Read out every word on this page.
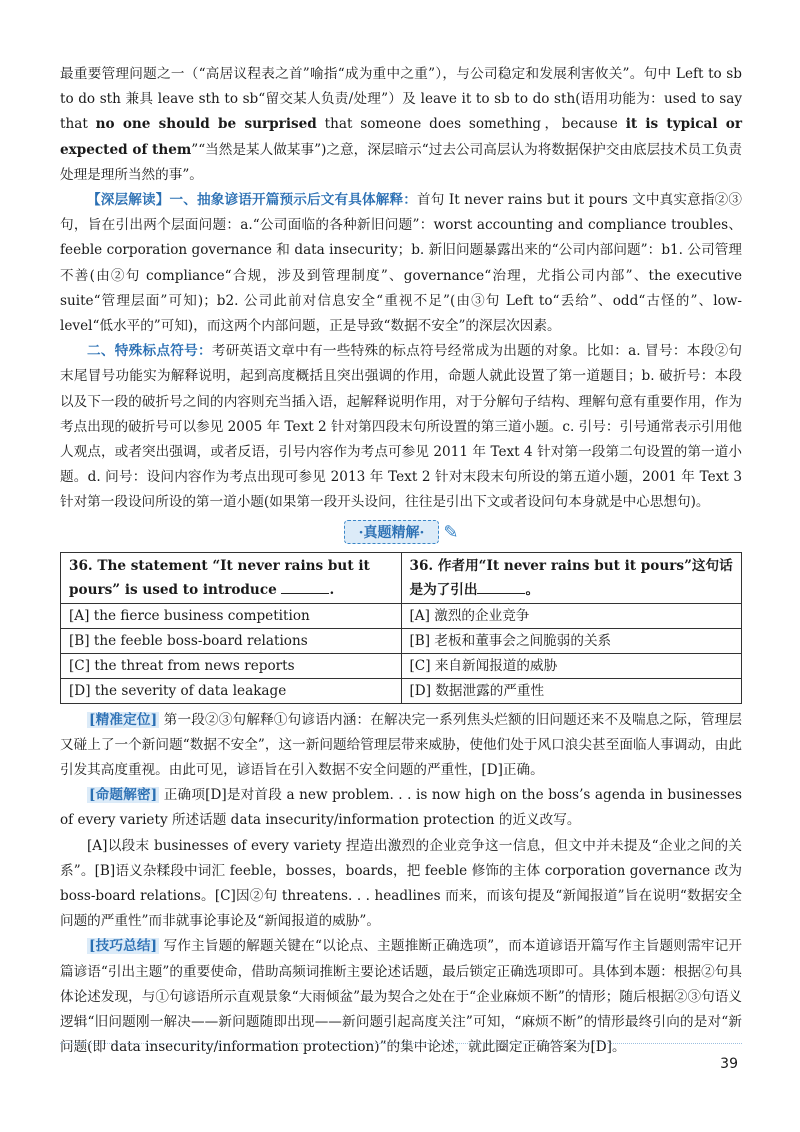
最重要管理问题之一（“高居议程表之首”喻指“成为重中之重”），与公司稳定和发展利害攸关”。句中 Left to sb to do sth 兼具 leave sth to sb“留交某人负责/处理”）及 leave it to sb to do sth(语用功能为：used to say that no one should be surprised that someone does something，because it is typical or expected of them”“当然是某人做某事”)之意，深层暗示“过去公司高层认为将数据保护交由底层技术员工负责处理是理所当然的事”。

【深层解读】一、抽象谚语开篇预示后文有具体解释：首句 It never rains but it pours 文中真实意指②③句，旨在引出两个层面问题：a.“公司面临的各种新旧问题”：worst accounting and compliance troubles、feeble corporation governance 和 data insecurity；b. 新旧问题暴露出来的“公司内部问题”：b1. 公司管理不善(由②句 compliance“合规，涉及到管理制度”、governance“治理，尤指公司内部”、the executive suite“管理层面”可知)；b2. 公司此前对信息安全“重视不足”(由③句 Left to“丢给”、odd“古怪的”、low-level“低水平的”可知)，而这两个内部问题，正是导致“数据不安全”的深层次因素。

二、特殊标点符号：考研英语文章中有一些特殊的标点符号经常成为出题的对象。比如：a. 冒号：本段②句末尾冒号功能实为解释说明，起到高度概括且突出强调的作用，命题人就此设置了第一道题目；b. 破折号：本段以及下一段的破折号之间的内容则充当插入语，起解释说明作用，对于分解句子结构、理解句意有重要作用，作为考点出现的破折号可以参见 2005 年 Text 2 针对第四段末句所设置的第三道小题。c. 引号：引号通常表示引用他人观点，或者突出强调，或者反语，引号内容作为考点可参见 2011 年 Text 4 针对第一段第二句设置的第一道小题。d. 问号：设问内容作为考点出现可参见 2013 年 Text 2 针对末段末句所设的第五道小题，2001 年 Text 3 针对第一段设问所设的第一道小题(如果第一段开头设问，往往是引出下文或者设问句本身就是中心思想句)。

·真题精解· ✎
36. The statement “It never rains but it pours” is used to introduce .	36. 作者用“It never rains but it pours”这句话是为了引出 。
[A] the fierce business competition	[A] 激烈的企业竞争
[B] the feeble boss-board relations	[B] 老板和董事会之间脆弱的关系
[C] the threat from news reports	[C] 来自新闻报道的威胁
[D] the severity of data leakage	[D] 数据泄露的严重性

[精准定位] 第一段②③句解释①句谚语内涵：在解决完一系列焦头烂额的旧问题还来不及喘息之际，管理层又碰上了一个新问题“数据不安全”，这一新问题给管理层带来威胁，使他们处于风口浪尖甚至面临人事调动，由此引发其高度重视。由此可见，谚语旨在引入数据不安全问题的严重性，[D]正确。

[命题解密] 正确项[D]是对首段 a new problem. . . is now high on the boss’s agenda in businesses of every variety 所述话题 data insecurity/information protection 的近义改写。

[A]以段末 businesses of every variety 捏造出激烈的企业竞争这一信息，但文中并未提及“企业之间的关系”。[B]语义杂糅段中词汇 feeble，bosses，boards，把 feeble 修饰的主体 corporation governance 改为 boss-board relations。[C]因②句 threatens. . . headlines 而来，而该句提及“新闻报道”旨在说明“数据安全问题的严重性”而非就事论事论及“新闻报道的威胁”。

[技巧总结] 写作主旨题的解题关键在“以论点、主题推断正确选项”，而本道谚语开篇写作主旨题则需牢记开篇谚语“引出主题”的重要使命，借助高频词推断主要论述话题，最后锁定正确选项即可。具体到本题：根据②句具体论述发现，与①句谚语所示直观景象“大雨倾盆”最为契合之处在于“企业麻烦不断”的情形；随后根据②③句语义逻辑“旧问题刚一解决——新问题随即出现——新问题引起高度关注”可知，“麻烦不断”的情形最终引向的是对“新问题(即 data insecurity/information protection)”的集中论述，就此圈定正确答案为[D]。

39
